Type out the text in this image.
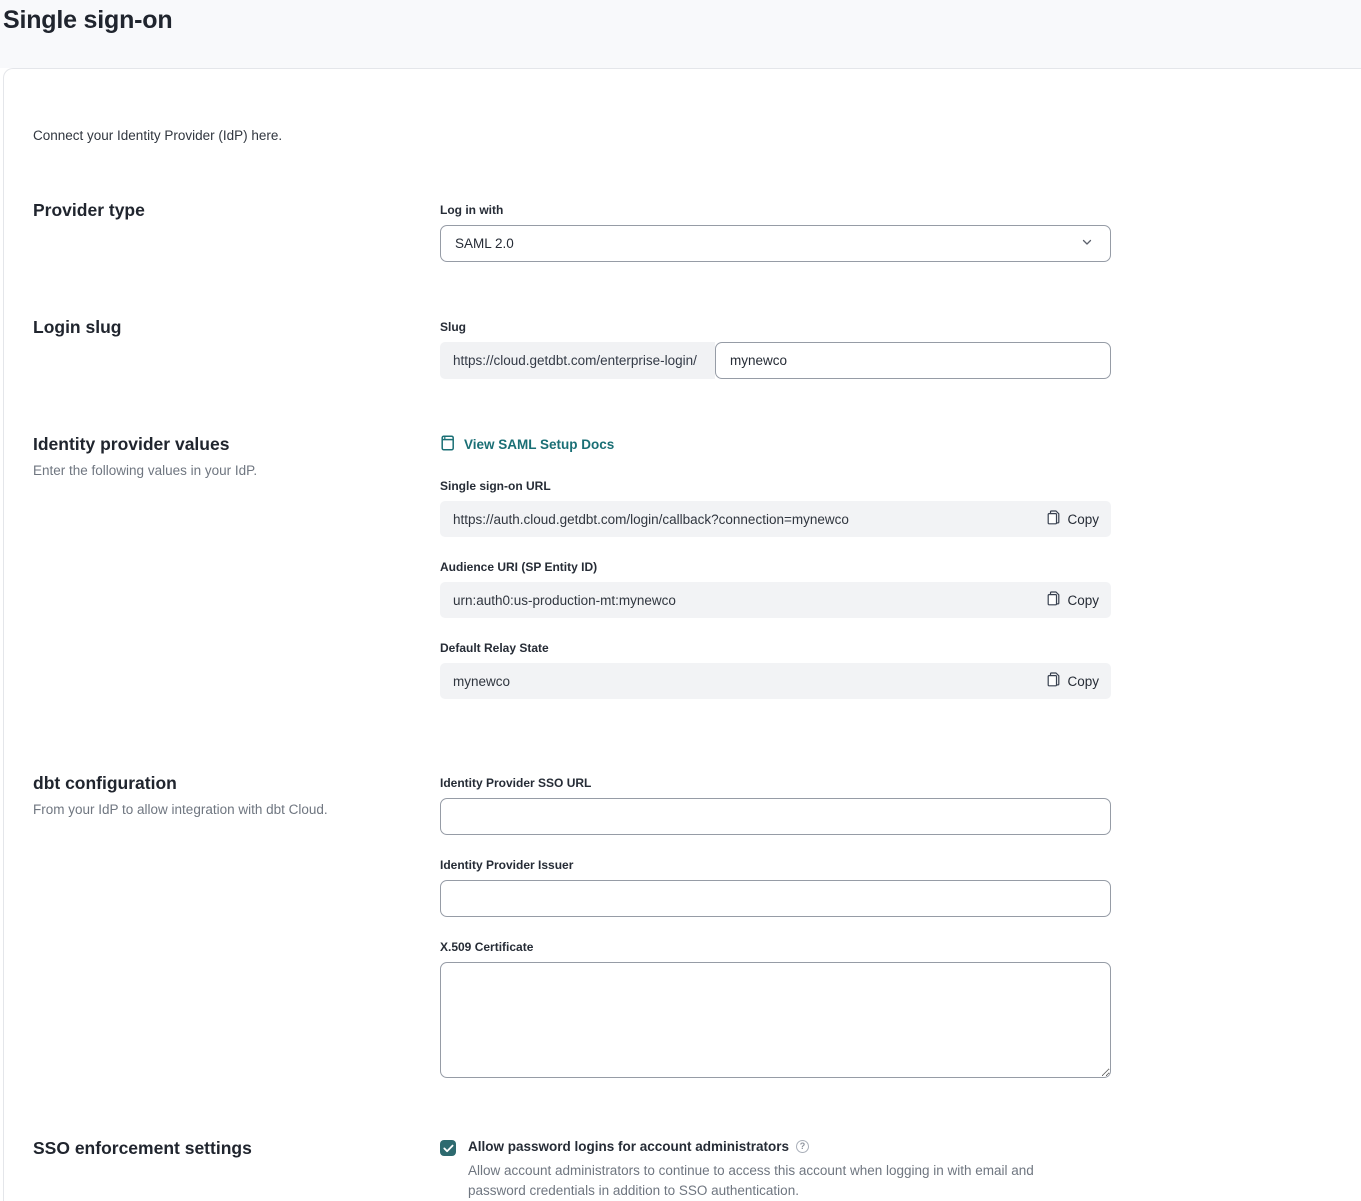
Single sign-on
Connect your Identity Provider (IdP) here.
Provider type	Log in with
SAML 2.0
Login slug	Slug
https://cloud.getdbt.com/enterprise-login/
mynewco
Identity provider values

Enter the following values in your IdP.

View SAML Setup Docs
Single sign-on URL
https://auth.cloud.getdbt.com/login/callback?connection=mynewco	Copy
Audience URI (SP Entity ID)
urn:auth0:us-production-mt:mynewco	Copy
Default Relay State
mynewco	Copy
dbt configuration

From your IdP to allow integration with dbt Cloud.

Identity Provider SSO URL
Identity Provider Issuer
X.509 Certificate
SSO enforcement settings	Allow password logins for account administrators
?
Allow account administrators to continue to access this account when logging in with email and password credentials in addition to SSO authentication.
